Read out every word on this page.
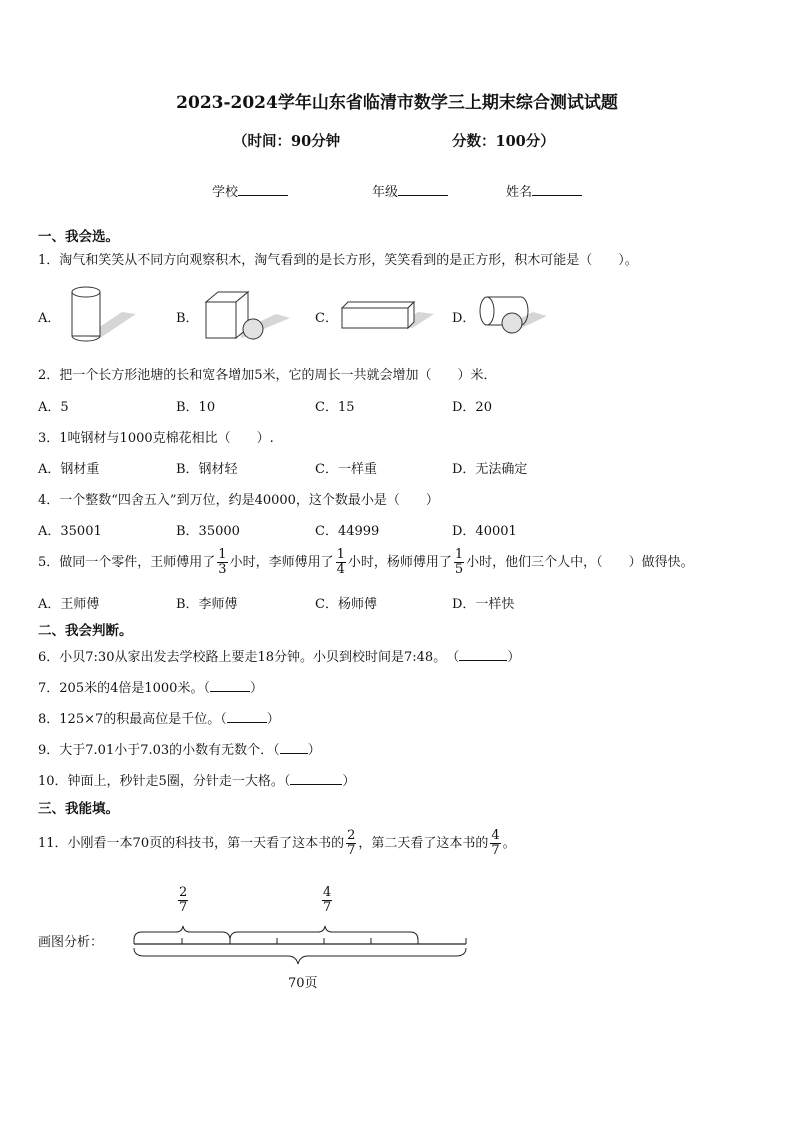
2023-2024学年山东省临清市数学三上期末综合测试试题
（时间：90分钟	分数：100分）
学校	年级	姓名
一、我会选。
1．淘气和笑笑从不同方向观察积木，淘气看到的是长方形，笑笑看到的是正方形，积木可能是（　　）。
A．	B．	C．	D．
2．把一个长方形池塘的长和宽各增加5米，它的周长一共就会增加（　　）米．
A．5	B．10	C．15	D．20
3．1吨钢材与1000克棉花相比（　　）.
A．钢材重	B．钢材轻	C．一样重	D．无法确定
4．一个整数“四舍五入”到万位，约是40000，这个数最小是（　　）
A．35001	B．35000	C．44999	D．40001
5．做同一个零件，王师傅用了 $\frac{1}{3}$ 小时，李师傅用了 $\frac{1}{4}$ 小时，杨师傅用了 $\frac{1}{5}$ 小时，他们三个人中，（　　）做得快。
A．王师傅	B．李师傅	C．杨师傅	D．一样快
二、我会判断。
6．小贝7:30从家出发去学校路上要走18分钟。小贝到校时间是7:48。　（	）
7．205米的4倍是1000米。（	）
8．125×7的积最高位是千位。（	）
9．大于7.01小于7.03的小数有无数个．（ ）
10．钟面上，秒针走5圈，分针走一大格。（	）
三、我能填。
11．小刚看一本70页的科技书，第一天看了这本书的 $\frac{2}{7}$ ，第二天看了这本书的 $\frac{4}{7}$ 。
画图分析：
$\frac{2}{7}$	$\frac{4}{7}$
70页
